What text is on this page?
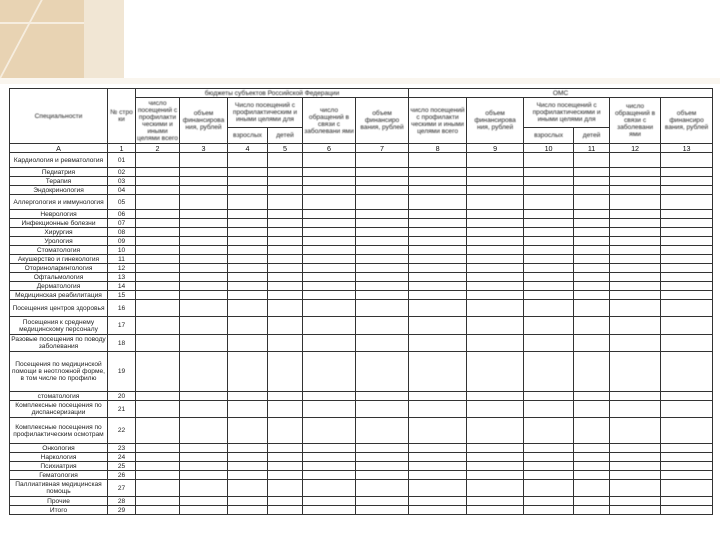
Специальности	№ стро ки	бюджеты субъектов Российской Федерации						ОМС					
		число посещений с профилакти ческими и иными целями всего	объем финансирова ния, рублей	Число посещений с профилактическим и иными целями для		число обращений в связи с заболевани ями	объем финансиро вания, рублей	число посещений с профилакти ческими и иными целями всего	объем финансирова ния, рублей	Число посещений с профилактическими и иными целями для		число обращений в связи с заболевани ями	объем финансиро вания, рублей
				взрослых	детей					взрослых	детей		
А	1	2	3	4	5	6	7	8	9	10	11	12	13
Кардиология и ревматология	01												
Педиатрия	02												
Терапия	03												
Эндокринология	04												
Аллергология и иммунология	05												
Неврология	06												
Инфекционные болезни	07												
Хирургия	08												
Урология	09												
Стоматология	10												
Акушерство и гинекология	11												
Оториноларингология	12												
Офтальмология	13												
Дерматология	14												
Медицинская реабилитация	15												
Посещения центров здоровья	16												
Посещения к среднему медицинскому персоналу	17												
Разовые посещения по поводу заболевания	18												
Посещения по медицинской помощи в неотложной форме, в том числе по профилю	19												
стоматология	20												
Комплексные посещения по диспансеризации	21												
Комплексные посещения по профилактическим осмотрам	22												
Онкология	23												
Наркология	24												
Психиатрия	25												
Гематология	26												
Паллиативная медицинская помощь	27												
Прочие	28												
Итого	29												
